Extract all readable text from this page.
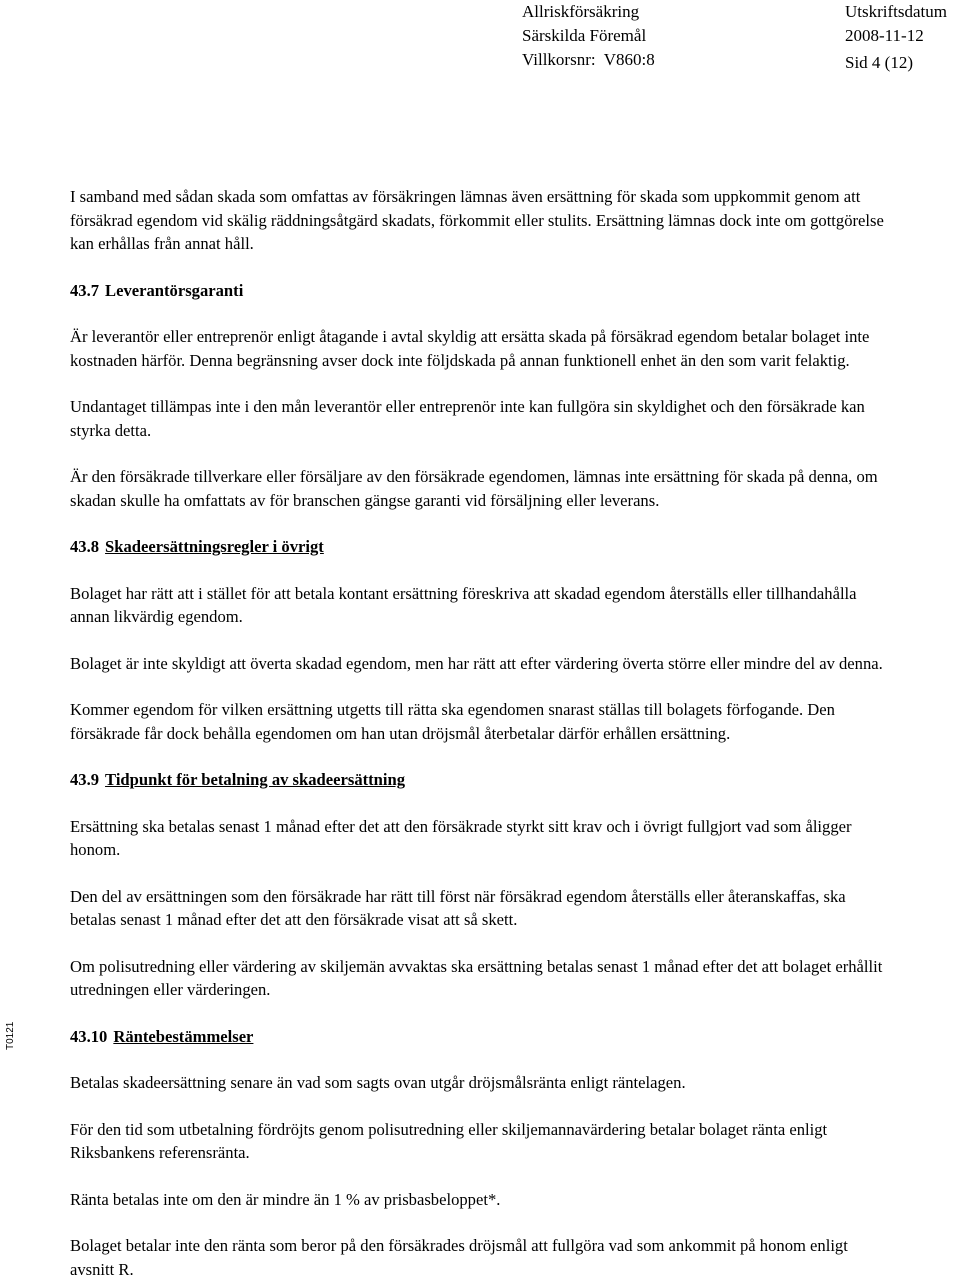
Allriskförsäkring
Särskilda Föremål
Villkorsnr:  V860:8
Utskriftsdatum
2008-11-12
Sid 4 (12)
T0121

I samband med sådan skada som omfattas av försäkringen lämnas även ersättning för skada som uppkommit genom att försäkrad egendom vid skälig räddningsåtgärd skadats, förkommit eller stulits. Ersättning lämnas dock inte om gottgörelse kan erhållas från annat håll.

43.7 Leverantörsgaranti

Är leverantör eller entreprenör enligt åtagande i avtal skyldig att ersätta skada på försäkrad egendom betalar bolaget inte kostnaden härför. Denna begränsning avser dock inte följdskada på annan funktionell enhet än den som varit felaktig.

Undantaget tillämpas inte i den mån leverantör eller entreprenör inte kan fullgöra sin skyldighet och den försäkrade kan styrka detta.

Är den försäkrade tillverkare eller försäljare av den försäkrade egendomen, lämnas inte ersättning för skada på denna, om skadan skulle ha omfattats av för branschen gängse garanti vid försäljning eller leverans.

43.8 Skadeersättningsregler i övrigt

Bolaget har rätt att i stället för att betala kontant ersättning föreskriva att skadad egendom återställs eller tillhandahålla annan likvärdig egendom.

Bolaget är inte skyldigt att överta skadad egendom, men har rätt att efter värdering överta större eller mindre del av denna.

Kommer egendom för vilken ersättning utgetts till rätta ska egendomen snarast ställas till bolagets förfogande. Den försäkrade får dock behålla egendomen om han utan dröjsmål återbetalar därför erhållen ersättning.

43.9 Tidpunkt för betalning av skadeersättning

Ersättning ska betalas senast 1 månad efter det att den försäkrade styrkt sitt krav och i övrigt fullgjort vad som åligger honom.

Den del av ersättningen som den försäkrade har rätt till först när försäkrad egendom återställs eller återanskaffas, ska betalas senast 1 månad efter det att den försäkrade visat att så skett.

Om polisutredning eller värdering av skiljemän avvaktas ska ersättning betalas senast 1 månad efter det att bolaget erhållit utredningen eller värderingen.

43.10 Räntebestämmelser

Betalas skadeersättning senare än vad som sagts ovan utgår dröjsmålsränta enligt räntelagen.

För den tid som utbetalning fördröjts genom polisutredning eller skiljemannavärdering betalar bolaget ränta enligt Riksbankens referensränta.

Ränta betalas inte om den är mindre än 1 % av prisbasbeloppet*.

Bolaget betalar inte den ränta som beror på den försäkrades dröjsmål att fullgöra vad som ankommit på honom enligt avsnitt R.
